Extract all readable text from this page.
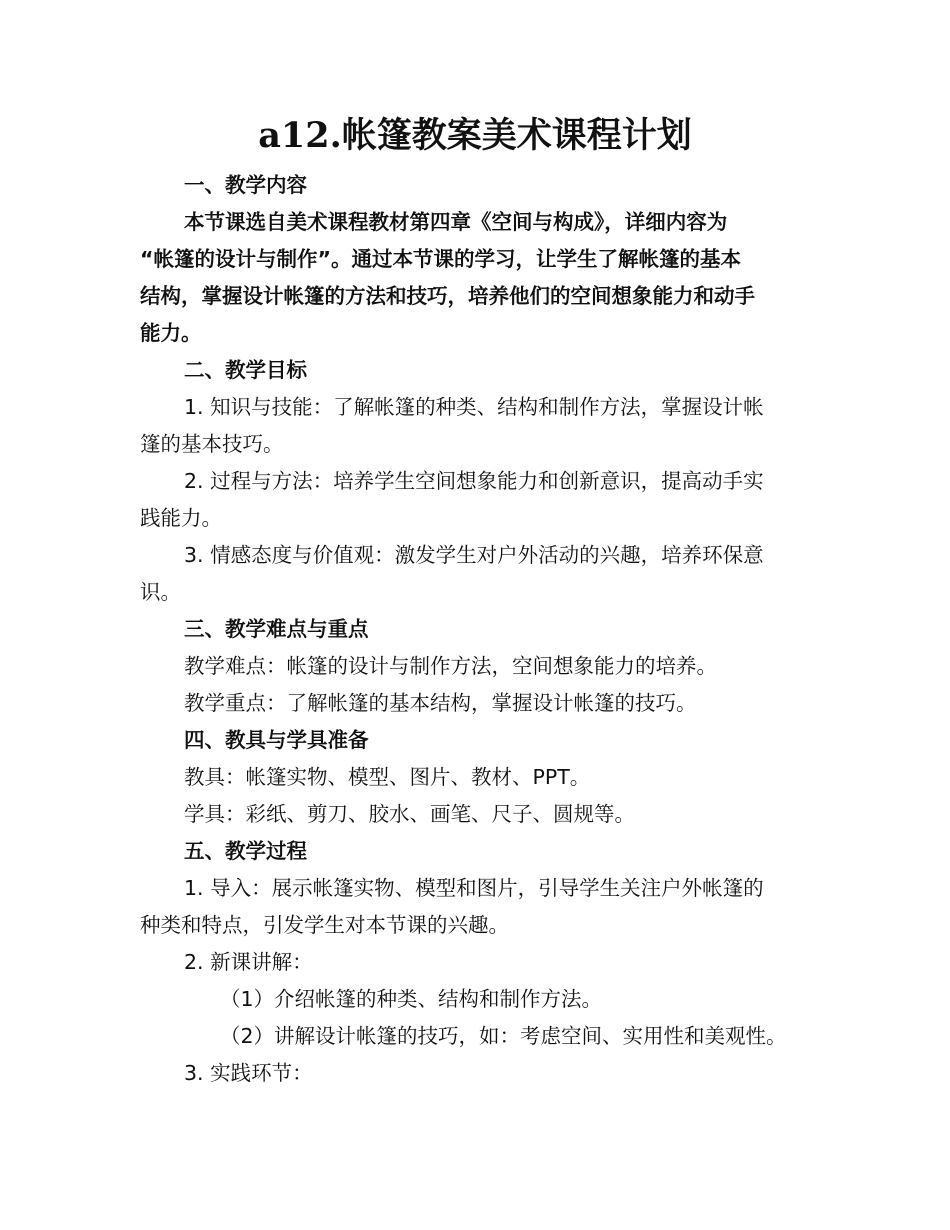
a12.帐篷教案美术课程计划
一、教学内容
本节课选自美术课程教材第四章《空间与构成》，详细内容为
“帐篷的设计与制作”。通过本节课的学习，让学生了解帐篷的基本
结构，掌握设计帐篷的方法和技巧，培养他们的空间想象能力和动手
能力。
二、教学目标
1. 知识与技能：了解帐篷的种类、结构和制作方法，掌握设计帐
篷的基本技巧。
2. 过程与方法：培养学生空间想象能力和创新意识，提高动手实
践能力。
3. 情感态度与价值观：激发学生对户外活动的兴趣，培养环保意
识。
三、教学难点与重点
教学难点：帐篷的设计与制作方法，空间想象能力的培养。
教学重点：了解帐篷的基本结构，掌握设计帐篷的技巧。
四、教具与学具准备
教具：帐篷实物、模型、图片、教材、PPT。
学具：彩纸、剪刀、胶水、画笔、尺子、圆规等。
五、教学过程
1. 导入：展示帐篷实物、模型和图片，引导学生关注户外帐篷的
种类和特点，引发学生对本节课的兴趣。
2. 新课讲解：
（1）介绍帐篷的种类、结构和制作方法。
（2）讲解设计帐篷的技巧，如：考虑空间、实用性和美观性。
3. 实践环节：
